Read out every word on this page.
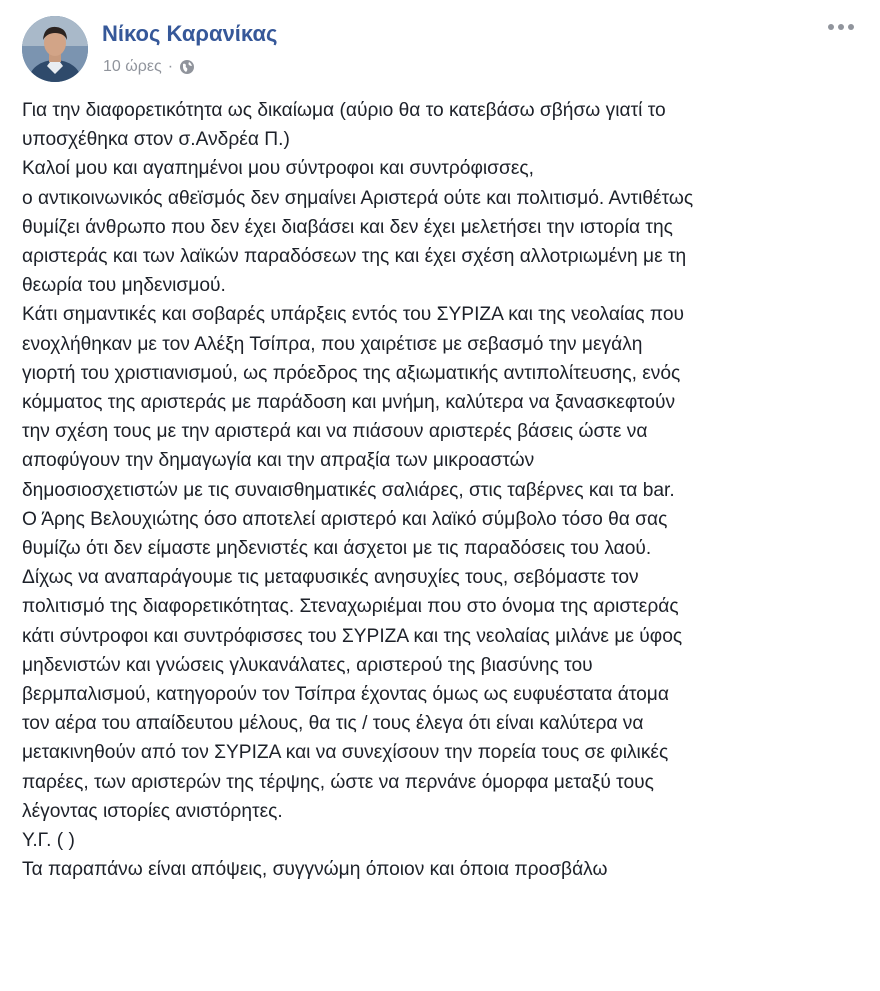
Νίκος Καρανίκας
10 ώρες ·

Για την διαφορετικότητα ως δικαίωμα (αύριο θα το κατεβάσω σβήσω γιατί το

υποσχέθηκα στον σ.Ανδρέα Π.)

Καλοί μου και αγαπημένοι μου σύντροφοι και συντρόφισσες,

ο αντικοινωνικός αθεϊσμός δεν σημαίνει Αριστερά ούτε και πολιτισμό. Αντιθέτως

θυμίζει άνθρωπο που δεν έχει διαβάσει και δεν έχει μελετήσει την ιστορία της

αριστεράς και των λαϊκών παραδόσεων της και έχει σχέση αλλοτριωμένη με τη

θεωρία του μηδενισμού.

Κάτι σημαντικές και σοβαρές υπάρξεις εντός του ΣΥΡΙΖΑ και της νεολαίας που

ενοχλήθηκαν με τον Αλέξη Τσίπρα, που χαιρέτισε με σεβασμό την μεγάλη

γιορτή του χριστιανισμού, ως πρόεδρος της αξιωματικής αντιπολίτευσης, ενός

κόμματος της αριστεράς με παράδοση και μνήμη, καλύτερα να ξανασκεφτούν

την σχέση τους με την αριστερά και να πιάσουν αριστερές βάσεις ώστε να

αποφύγουν την δημαγωγία και την απραξία των μικροαστών

δημοσιοσχετιστών με τις συναισθηματικές σαλιάρες, στις ταβέρνες και τα bar.

Ο Άρης Βελουχιώτης όσο αποτελεί αριστερό και λαϊκό σύμβολο τόσο θα σας

θυμίζω ότι δεν είμαστε μηδενιστές και άσχετοι με τις παραδόσεις του λαού.

Δίχως να αναπαράγουμε τις μεταφυσικές ανησυχίες τους, σεβόμαστε τον

πολιτισμό της διαφορετικότητας. Στεναχωριέμαι που στο όνομα της αριστεράς

κάτι σύντροφοι και συντρόφισσες του ΣΥΡΙΖΑ και της νεολαίας μιλάνε με ύφος

μηδενιστών και γνώσεις γλυκανάλατες, αριστερού της βιασύνης του

βερμπαλισμού, κατηγορούν τον Τσίπρα έχοντας όμως ως ευφυέστατα άτομα

τον αέρα του απαίδευτου μέλους, θα τις / τους έλεγα ότι είναι καλύτερα να

μετακινηθούν από τον ΣΥΡΙΖΑ και να συνεχίσουν την πορεία τους σε φιλικές

παρέες, των αριστερών της τέρψης, ώστε να περνάνε όμορφα μεταξύ τους

λέγοντας ιστορίες ανιστόρητες.

Υ.Γ. ( )

Τα παραπάνω είναι απόψεις, συγγνώμη όποιον και όποια προσβάλω
